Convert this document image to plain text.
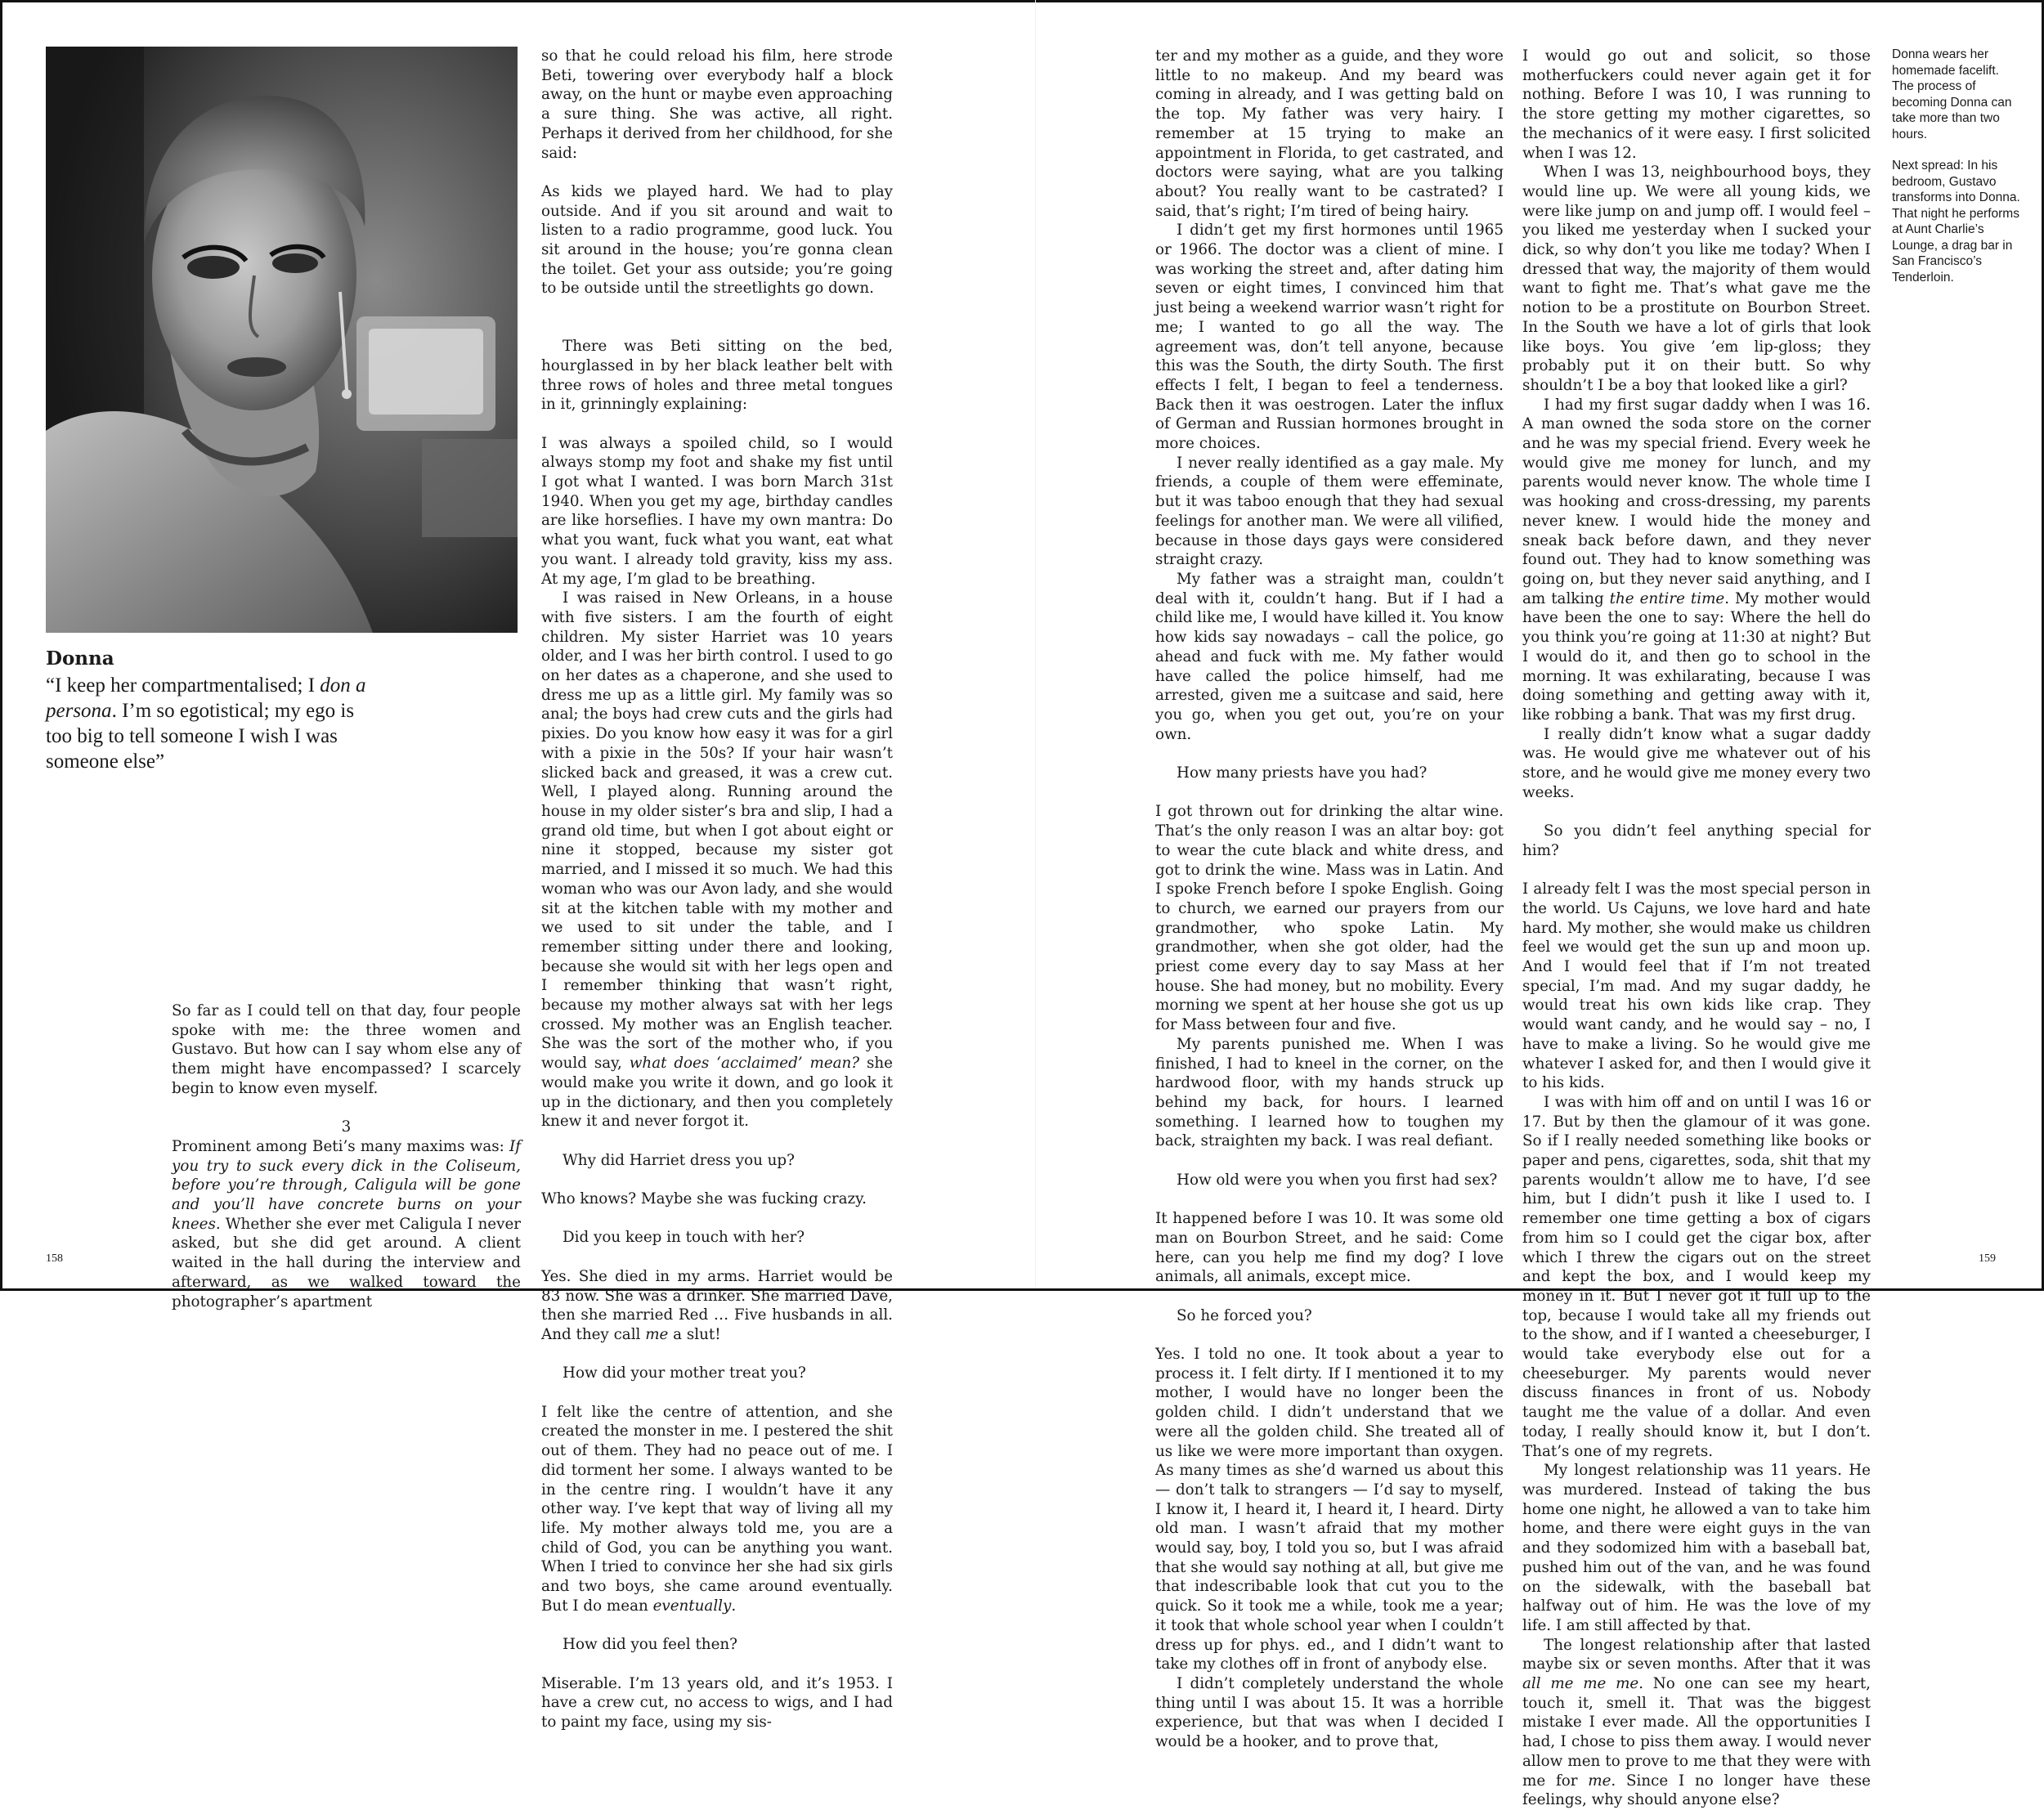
Donna
“I keep her compartmentalised; I don a persona. I’m so egotistical; my ego is too big to tell someone I wish I was someone else”

So far as I could tell on that day, four people spoke with me: the three women and Gustavo. But how can I say whom else any of them might have encompassed? I scarcely begin to know even myself.

3

Prominent among Beti’s many maxims was: If you try to suck every dick in the Coliseum, before you’re through, Caligula will be gone and you’ll have concrete burns on your knees. Whether she ever met Caligula I never asked, but she did get around. A client waited in the hall during the interview and afterward, as we walked toward the photographer’s apartment

so that he could reload his film, here strode Beti, towering over everybody half a block away, on the hunt or maybe even approaching a sure thing. She was active, all right. Perhaps it derived from her childhood, for she said:

As kids we played hard. We had to play outside. And if you sit around and wait to listen to a radio programme, good luck. You sit around in the house; you’re gonna clean the toilet. Get your ass outside; you’re going to be outside until the streetlights go down.

There was Beti sitting on the bed, hourglassed in by her black leather belt with three rows of holes and three metal tongues in it, grinningly explaining:

I was always a spoiled child, so I would always stomp my foot and shake my fist until I got what I wanted. I was born March 31st 1940. When you get my age, birthday candles are like horseflies. I have my own mantra: Do what you want, fuck what you want, eat what you want. I already told gravity, kiss my ass. At my age, I’m glad to be breathing.

I was raised in New Orleans, in a house with five sisters. I am the fourth of eight children. My sister Harriet was 10 years older, and I was her birth control. I used to go on her dates as a chaperone, and she used to dress me up as a little girl. My family was so anal; the boys had crew cuts and the girls had pixies. Do you know how easy it was for a girl with a pixie in the 50s? If your hair wasn’t slicked back and greased, it was a crew cut. Well, I played along. Running around the house in my older sister’s bra and slip, I had a grand old time, but when I got about eight or nine it stopped, because my sister got married, and I missed it so much. We had this woman who was our Avon lady, and she would sit at the kitchen table with my mother and we used to sit under the table, and I remember sitting under there and looking, because she would sit with her legs open and I remember thinking that wasn’t right, because my mother always sat with her legs crossed. My mother was an English teacher. She was the sort of the mother who, if you would say, what does ‘acclaimed’ mean? she would make you write it down, and go look it up in the dictionary, and then you completely knew it and never forgot it.

Why did Harriet dress you up?

Who knows? Maybe she was fucking crazy.

Did you keep in touch with her?

Yes. She died in my arms. Harriet would be 83 now. She was a drinker. She married Dave, then she married Red … Five husbands in all. And they call me a slut!

How did your mother treat you?

I felt like the centre of attention, and she created the monster in me. I pestered the shit out of them. They had no peace out of me. I did torment her some. I always wanted to be in the centre ring. I wouldn’t have it any other way. I’ve kept that way of living all my life. My mother always told me, you are a child of God, you can be anything you want. When I tried to convince her she had six girls and two boys, she came around eventually. But I do mean eventually.

How did you feel then?

Miserable. I’m 13 years old, and it’s 1953. I have a crew cut, no access to wigs, and I had to paint my face, using my sis-

ter and my mother as a guide, and they wore little to no makeup. And my beard was coming in already, and I was getting bald on the top. My father was very hairy. I remember at 15 trying to make an appointment in Florida, to get castrated, and doctors were saying, what are you talking about? You really want to be castrated? I said, that’s right; I’m tired of being hairy.

I didn’t get my first hormones until 1965 or 1966. The doctor was a client of mine. I was working the street and, after dating him seven or eight times, I convinced him that just being a weekend warrior wasn’t right for me; I wanted to go all the way. The agreement was, don’t tell anyone, because this was the South, the dirty South. The first effects I felt, I began to feel a tenderness. Back then it was oestrogen. Later the influx of German and Russian hormones brought in more choices.

I never really identified as a gay male. My friends, a couple of them were effeminate, but it was taboo enough that they had sexual feelings for another man. We were all vilified, because in those days gays were considered straight crazy.

My father was a straight man, couldn’t deal with it, couldn’t hang. But if I had a child like me, I would have killed it. You know how kids say nowadays – call the police, go ahead and fuck with me. My father would have called the police himself, had me arrested, given me a suitcase and said, here you go, when you get out, you’re on your own.

How many priests have you had?

I got thrown out for drinking the altar wine. That’s the only reason I was an altar boy: got to wear the cute black and white dress, and got to drink the wine. Mass was in Latin. And I spoke French before I spoke English. Going to church, we earned our prayers from our grandmother, who spoke Latin. My grandmother, when she got older, had the priest come every day to say Mass at her house. She had money, but no mobility. Every morning we spent at her house she got us up for Mass between four and five.

My parents punished me. When I was finished, I had to kneel in the corner, on the hardwood floor, with my hands struck up behind my back, for hours. I learned something. I learned how to toughen my back, straighten my back. I was real defiant.

How old were you when you first had sex?

It happened before I was 10. It was some old man on Bourbon Street, and he said: Come here, can you help me find my dog? I love animals, all animals, except mice.

So he forced you?

Yes. I told no one. It took about a year to process it. I felt dirty. If I mentioned it to my mother, I would have no longer been the golden child. I didn’t understand that we were all the golden child. She treated all of us like we were more important than oxygen. As many times as she’d warned us about this — don’t talk to strangers — I’d say to myself, I know it, I heard it, I heard it, I heard. Dirty old man. I wasn’t afraid that my mother would say, boy, I told you so, but I was afraid that she would say nothing at all, but give me that indescribable look that cut you to the quick. So it took me a while, took me a year; it took that whole school year when I couldn’t dress up for phys. ed., and I didn’t want to take my clothes off in front of anybody else.

I didn’t completely understand the whole thing until I was about 15. It was a horrible experience, but that was when I decided I would be a hooker, and to prove that,

I would go out and solicit, so those motherfuckers could never again get it for nothing. Before I was 10, I was running to the store getting my mother cigarettes, so the mechanics of it were easy. I first solicited when I was 12.

When I was 13, neighbourhood boys, they would line up. We were all young kids, we were like jump on and jump off. I would feel – you liked me yesterday when I sucked your dick, so why don’t you like me today? When I dressed that way, the majority of them would want to fight me. That’s what gave me the notion to be a prostitute on Bourbon Street. In the South we have a lot of girls that look like boys. You give ’em lip-gloss; they probably put it on their butt. So why shouldn’t I be a boy that looked like a girl?

I had my first sugar daddy when I was 16. A man owned the soda store on the corner and he was my special friend. Every week he would give me money for lunch, and my parents would never know. The whole time I was hooking and cross-dressing, my parents never knew. I would hide the money and sneak back before dawn, and they never found out. They had to know something was going on, but they never said anything, and I am talking the entire time. My mother would have been the one to say: Where the hell do you think you’re going at 11:30 at night? But I would do it, and then go to school in the morning. It was exhilarating, because I was doing something and getting away with it, like robbing a bank. That was my first drug.

I really didn’t know what a sugar daddy was. He would give me whatever out of his store, and he would give me money every two weeks.

So you didn’t feel anything special for him?

I already felt I was the most special person in the world. Us Cajuns, we love hard and hate hard. My mother, she would make us children feel we would get the sun up and moon up. And I would feel that if I’m not treated special, I’m mad. And my sugar daddy, he would treat his own kids like crap. They would want candy, and he would say – no, I have to make a living. So he would give me whatever I asked for, and then I would give it to his kids.

I was with him off and on until I was 16 or 17. But by then the glamour of it was gone. So if I really needed something like books or paper and pens, cigarettes, soda, shit that my parents wouldn’t allow me to have, I’d see him, but I didn’t push it like I used to. I remember one time getting a box of cigars from him so I could get the cigar box, after which I threw the cigars out on the street and kept the box, and I would keep my money in it. But I never got it full up to the top, because I would take all my friends out to the show, and if I wanted a cheeseburger, I would take everybody else out for a cheeseburger. My parents would never discuss finances in front of us. Nobody taught me the value of a dollar. And even today, I really should know it, but I don’t. That’s one of my regrets.

My longest relationship was 11 years. He was murdered. Instead of taking the bus home one night, he allowed a van to take him home, and there were eight guys in the van and they sodomized him with a baseball bat, pushed him out of the van, and he was found on the sidewalk, with the baseball bat halfway out of him. He was the love of my life. I am still affected by that.

The longest relationship after that lasted maybe six or seven months. After that it was all me me me. No one can see my heart, touch it, smell it. That was the biggest mistake I ever made. All the opportunities I had, I chose to piss them away. I would never allow men to prove to me that they were with me for me. Since I no longer have these feelings, why should anyone else?

Donna wears her homemade facelift. The process of becoming Donna can take more than two hours.

Next spread: In his bedroom, Gustavo transforms into Donna. That night he performs at Aunt Charlie’s Lounge, a drag bar in San Francisco’s Tenderloin.

158	159
